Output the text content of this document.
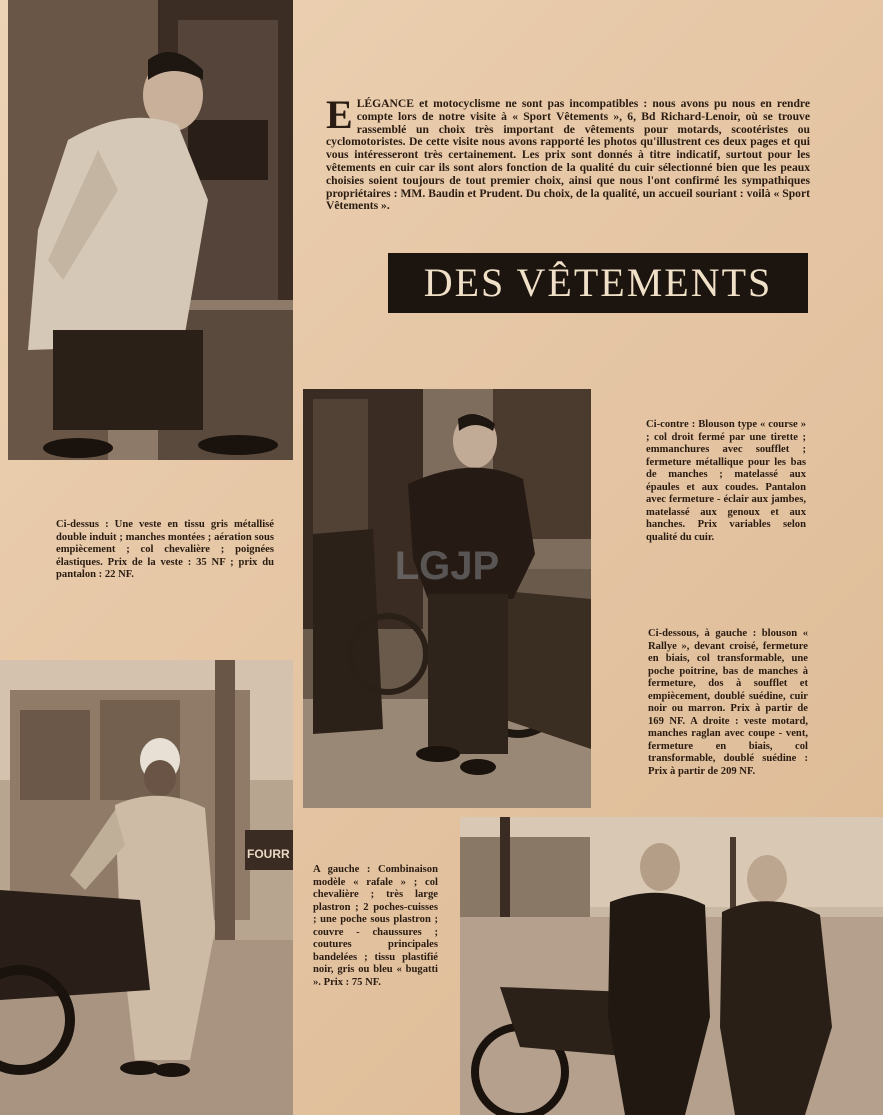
ELÉGANCE et motocyclisme ne sont pas incompatibles : nous avons pu nous en rendre compte lors de notre visite à « Sport Vêtements », 6, Bd Richard-Lenoir, où se trouve rassemblé un choix très important de vêtements pour motards, scootéristes ou cyclomotoristes. De cette visite nous avons rapporté les photos qu'illustrent ces deux pages et qui vous intéresseront très certainement. Les prix sont donnés à titre indicatif, surtout pour les vêtements en cuir car ils sont alors fonction de la qualité du cuir sélectionné bien que les peaux choisies soient toujours de tout premier choix, ainsi que nous l'ont confirmé les sympathiques propriétaires : MM. Baudin et Prudent. Du choix, de la qualité, un accueil souriant : voilà « Sport Vêtements ».
DES VÊTEMENTS
LGJP
Ci-dessus : Une veste en tissu gris métallisé double induit ; manches montées ; aération sous empiècement ; col chevalière ; poignées élastiques. Prix de la veste : 35 NF ; prix du pantalon : 22 NF.
Ci-contre : Blouson type « course » ; col droit fermé par une tirette ; emmanchures avec soufflet ; fermeture métallique pour les bas de manches ; matelassé aux épaules et aux coudes. Pantalon avec fermeture - éclair aux jambes, matelassé aux genoux et aux hanches. Prix variables selon qualité du cuir.
Ci-dessous, à gauche : blouson « Rallye », devant croisé, fermeture en biais, col transformable, une poche poitrine, bas de manches à fermeture, dos à soufflet et empiècement, doublé suédine, cuir noir ou marron. Prix à partir de 169 NF. A droite : veste motard, manches raglan avec coupe - vent, fermeture en biais, col transformable, doublé suédine : Prix à partir de 209 NF.
FOURR
A gauche : Combinaison modèle « rafale » ; col chevalière ; très large plastron ; 2 poches-cuisses ; une poche sous plastron ; couvre - chaussures ; coutures principales bandelées ; tissu plastifié noir, gris ou bleu « bugatti ». Prix : 75 NF.
